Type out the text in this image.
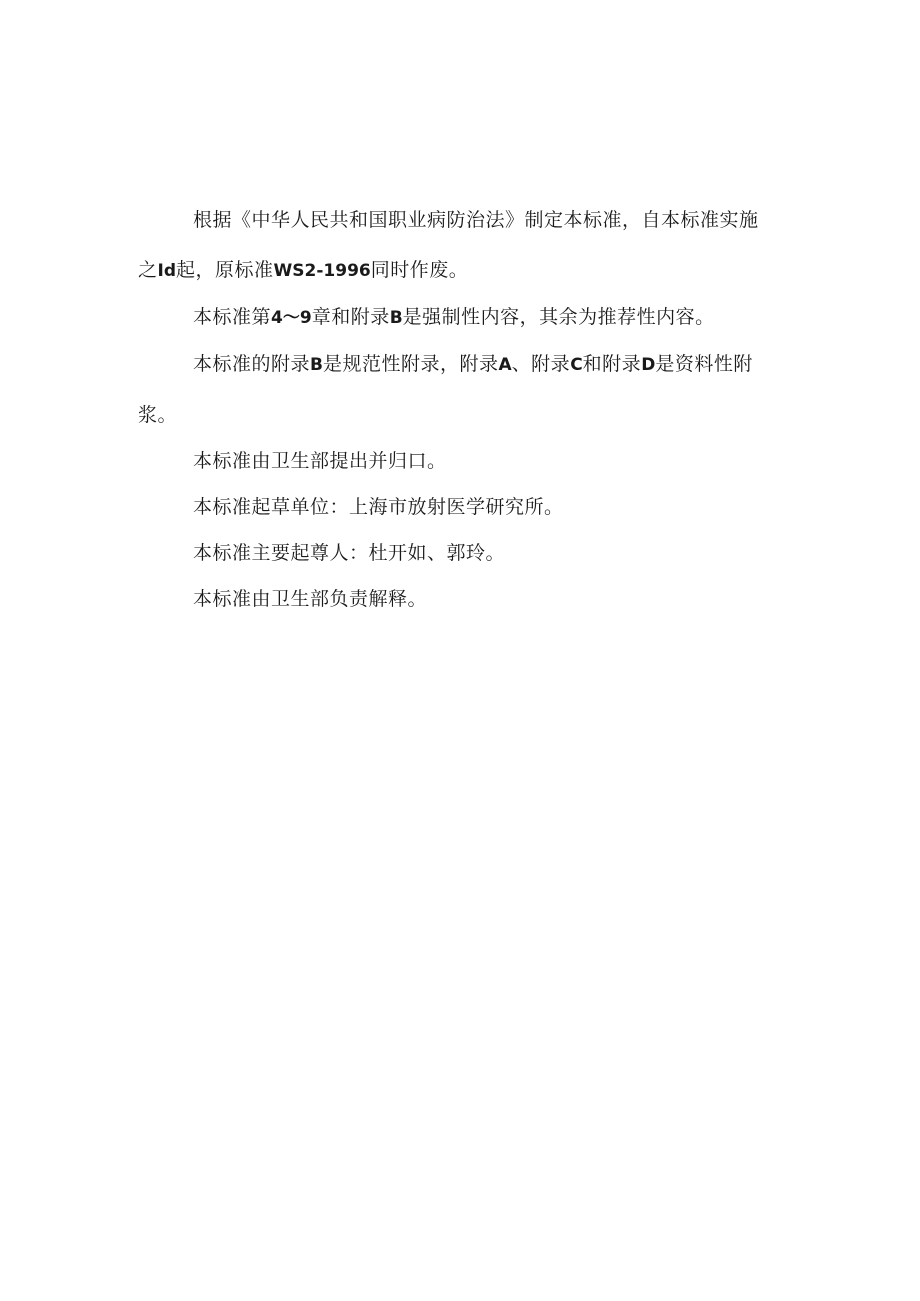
根据《中华人民共和国职业病防治法》制定本标准，自本标准实施
之Id起，原标准WS2-1996同时作废。

本标准第4～9章和附录B是强制性内容，其余为推荐性内容。

本标准的附录B是规范性附录，附录A、附录C和附录D是资料性附
浆。

本标准由卫生部提出并归口。

本标准起草单位：上海市放射医学研究所。

本标准主要起尊人：杜开如、郭玲。

本标准由卫生部负责解释。
